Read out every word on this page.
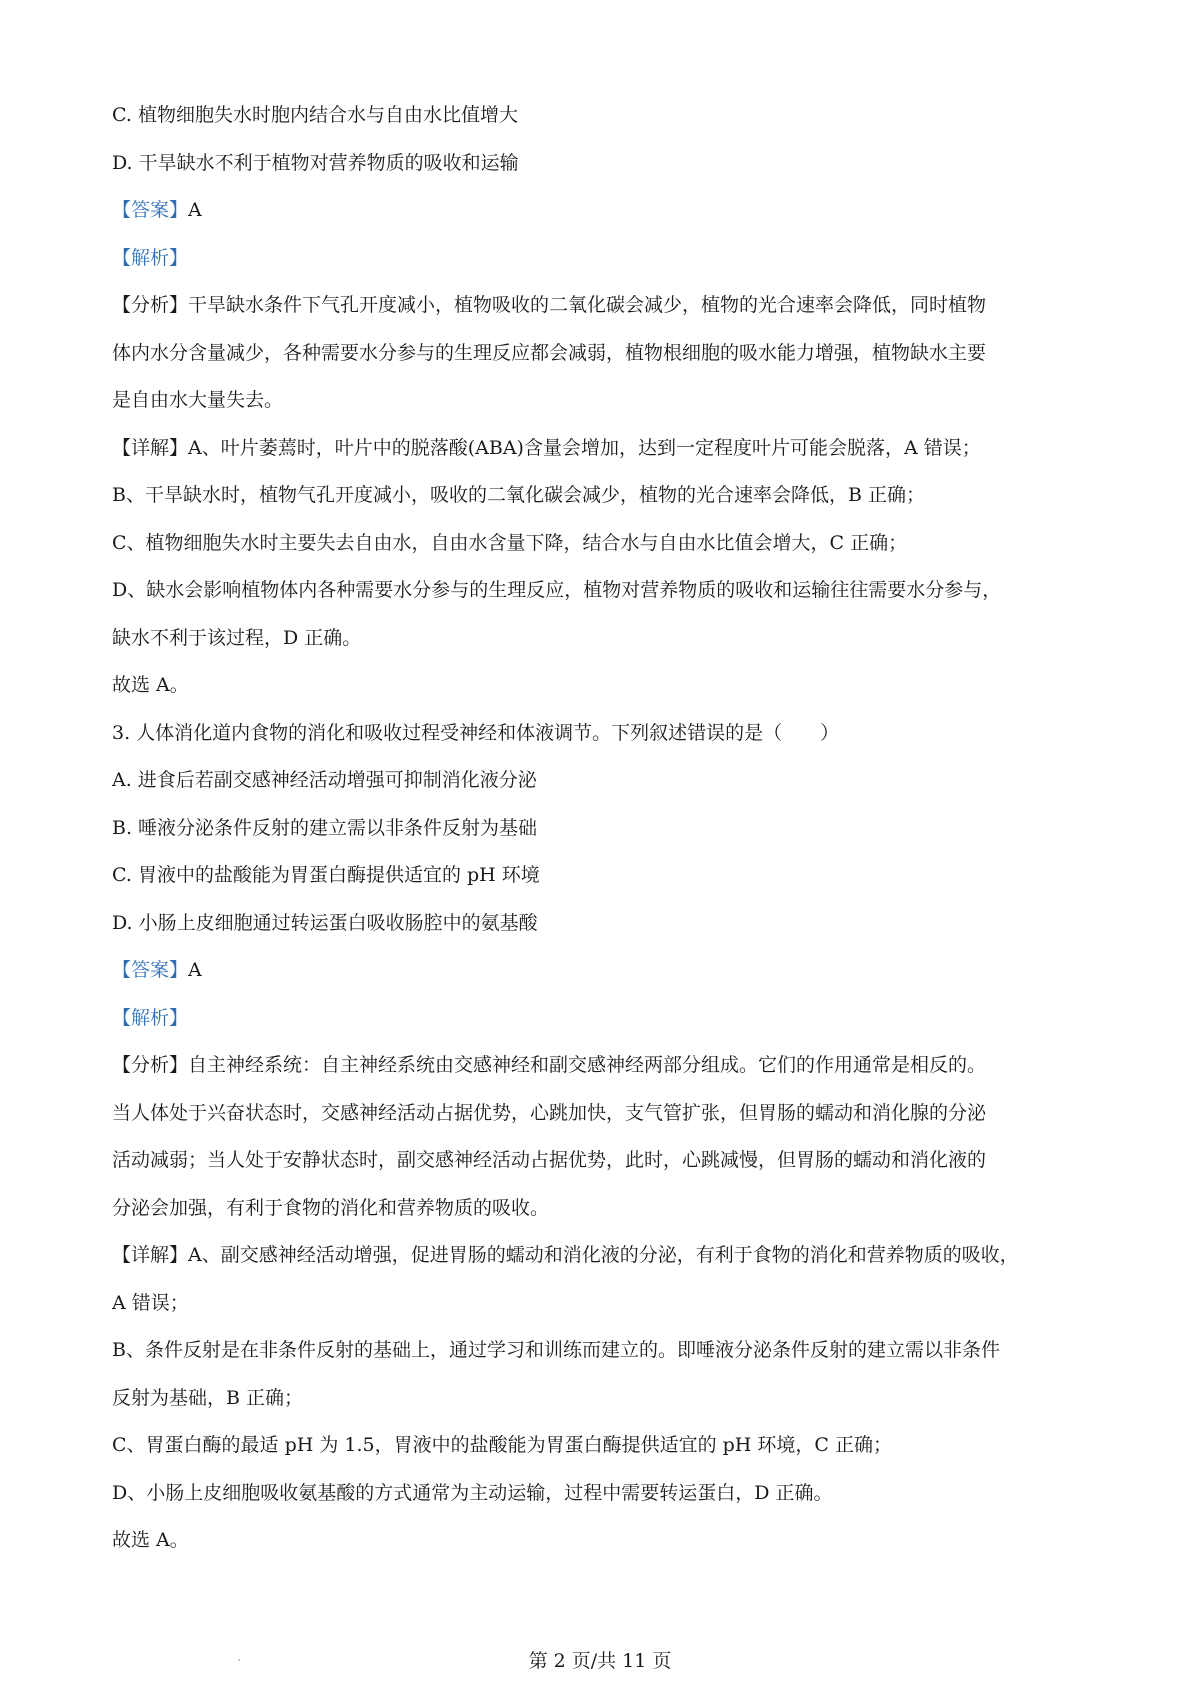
C. 植物细胞失水时胞内结合水与自由水比值增大
D. 干旱缺水不利于植物对营养物质的吸收和运输
【答案】A
【解析】
【分析】干旱缺水条件下气孔开度减小，植物吸收的二氧化碳会减少，植物的光合速率会降低，同时植物
体内水分含量减少，各种需要水分参与的生理反应都会减弱，植物根细胞的吸水能力增强，植物缺水主要
是自由水大量失去。
【详解】A、叶片萎蔫时，叶片中的脱落酸(ABA)含量会增加，达到一定程度叶片可能会脱落，A 错误；
B、干旱缺水时，植物气孔开度减小，吸收的二氧化碳会减少，植物的光合速率会降低，B 正确；
C、植物细胞失水时主要失去自由水，自由水含量下降，结合水与自由水比值会增大，C 正确；
D、缺水会影响植物体内各种需要水分参与的生理反应，植物对营养物质的吸收和运输往往需要水分参与，
缺水不利于该过程，D 正确。
故选 A。
3. 人体消化道内食物的消化和吸收过程受神经和体液调节。下列叙述错误的是（　　）
A. 进食后若副交感神经活动增强可抑制消化液分泌
B. 唾液分泌条件反射的建立需以非条件反射为基础
C. 胃液中的盐酸能为胃蛋白酶提供适宜的 pH 环境
D. 小肠上皮细胞通过转运蛋白吸收肠腔中的氨基酸
【答案】A
【解析】
【分析】自主神经系统：自主神经系统由交感神经和副交感神经两部分组成。它们的作用通常是相反的。
当人体处于兴奋状态时，交感神经活动占据优势，心跳加快，支气管扩张，但胃肠的蠕动和消化腺的分泌
活动减弱；当人处于安静状态时，副交感神经活动占据优势，此时，心跳减慢，但胃肠的蠕动和消化液的
分泌会加强，有利于食物的消化和营养物质的吸收。
【详解】A、副交感神经活动增强，促进胃肠的蠕动和消化液的分泌，有利于食物的消化和营养物质的吸收，
A 错误；
B、条件反射是在非条件反射的基础上，通过学习和训练而建立的。即唾液分泌条件反射的建立需以非条件
反射为基础，B 正确；
C、胃蛋白酶的最适 pH 为 1.5，胃液中的盐酸能为胃蛋白酶提供适宜的 pH 环境，C 正确；
D、小肠上皮细胞吸收氨基酸的方式通常为主动运输，过程中需要转运蛋白，D 正确。
故选 A。
第 2 页/共 11 页
